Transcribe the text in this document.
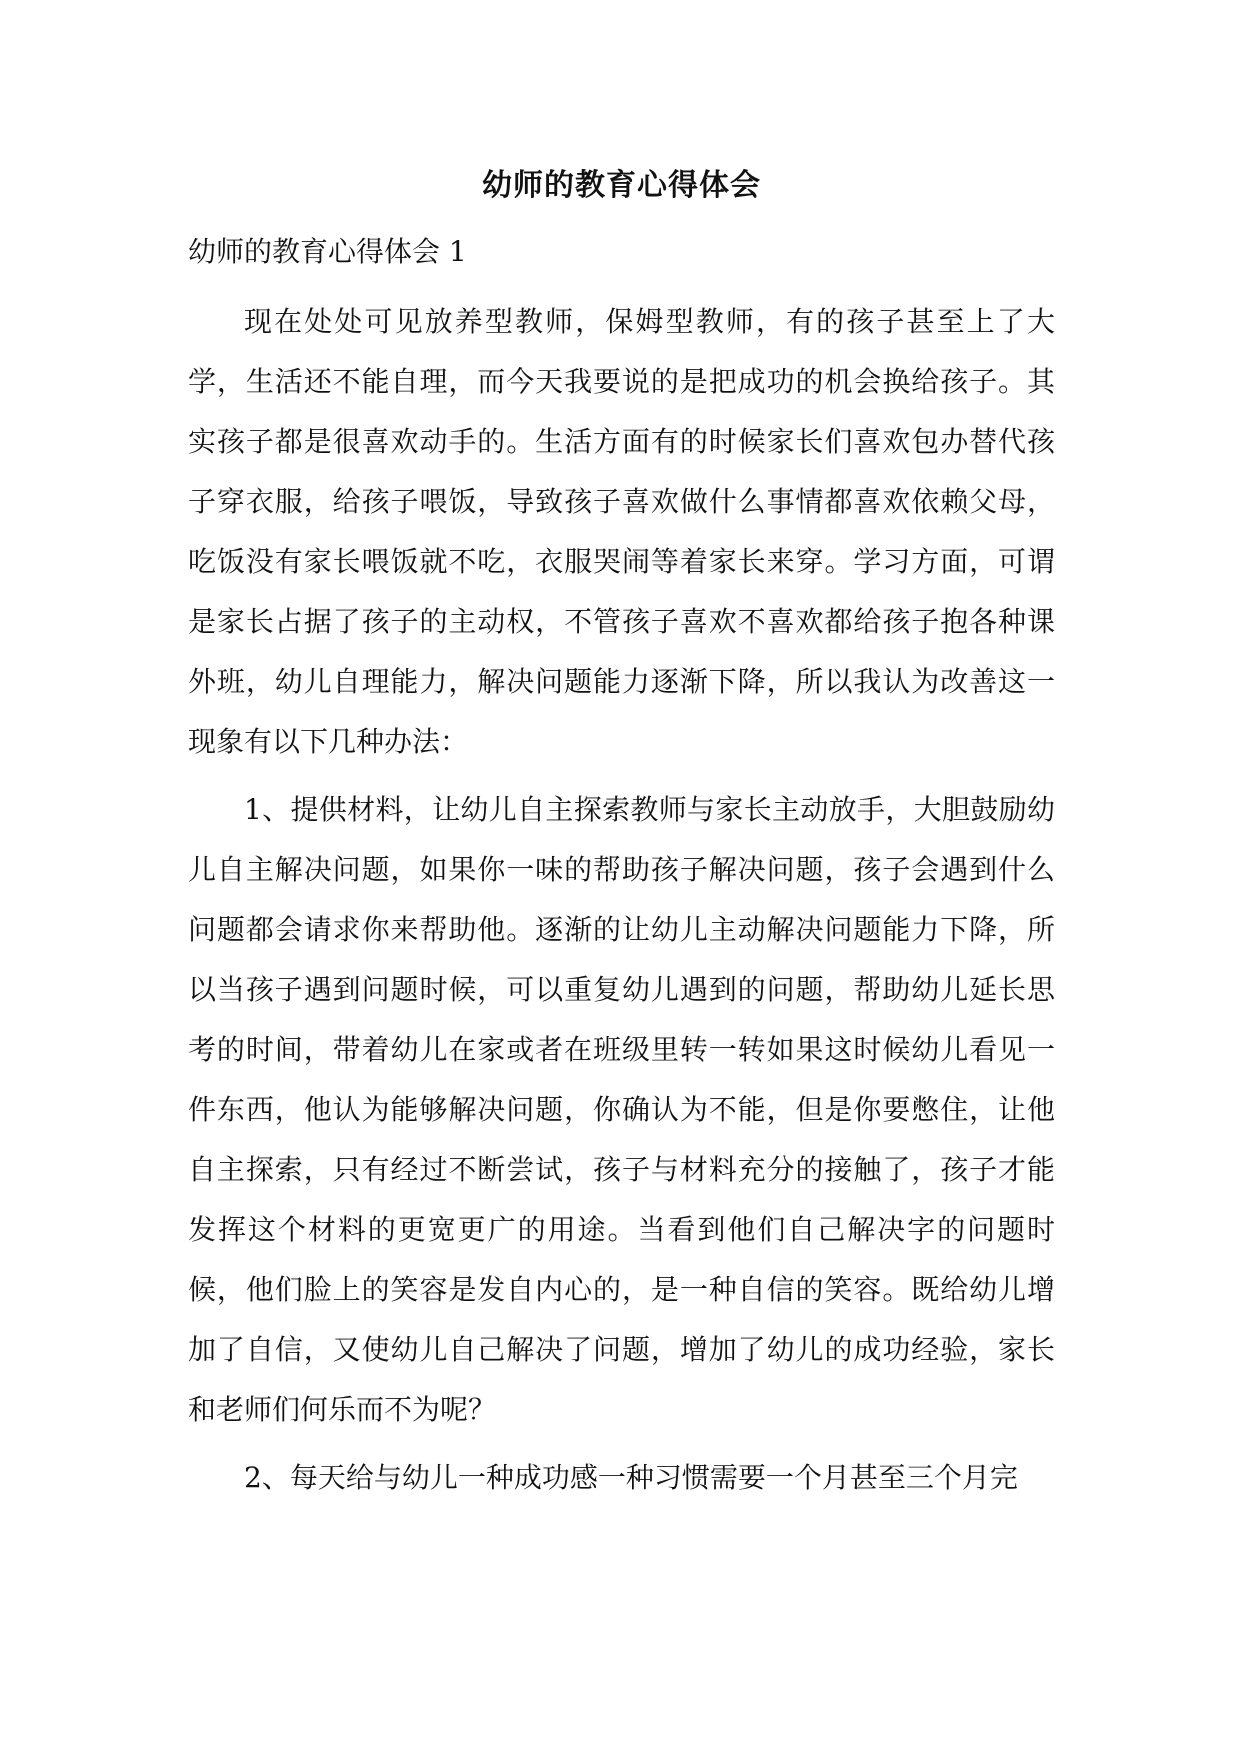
幼师的教育心得体会
幼师的教育心得体会 1

现在处处可见放养型教师，保姆型教师，有的孩子甚至上了大学，生活还不能自理，而今天我要说的是把成功的机会换给孩子。其实孩子都是很喜欢动手的。生活方面有的时候家长们喜欢包办替代孩子穿衣服，给孩子喂饭，导致孩子喜欢做什么事情都喜欢依赖父母，吃饭没有家长喂饭就不吃，衣服哭闹等着家长来穿。学习方面，可谓是家长占据了孩子的主动权，不管孩子喜欢不喜欢都给孩子抱各种课外班，幼儿自理能力，解决问题能力逐渐下降，所以我认为改善这一现象有以下几种办法：

1、提供材料，让幼儿自主探索教师与家长主动放手，大胆鼓励幼儿自主解决问题，如果你一味的帮助孩子解决问题，孩子会遇到什么问题都会请求你来帮助他。逐渐的让幼儿主动解决问题能力下降，所以当孩子遇到问题时候，可以重复幼儿遇到的问题，帮助幼儿延长思考的时间，带着幼儿在家或者在班级里转一转如果这时候幼儿看见一件东西，他认为能够解决问题，你确认为不能，但是你要憋住，让他自主探索，只有经过不断尝试，孩子与材料充分的接触了，孩子才能发挥这个材料的更宽更广的用途。当看到他们自己解决字的问题时候，他们脸上的笑容是发自内心的，是一种自信的笑容。既给幼儿增加了自信，又使幼儿自己解决了问题，增加了幼儿的成功经验，家长和老师们何乐而不为呢？

2、每天给与幼儿一种成功感一种习惯需要一个月甚至三个月完
